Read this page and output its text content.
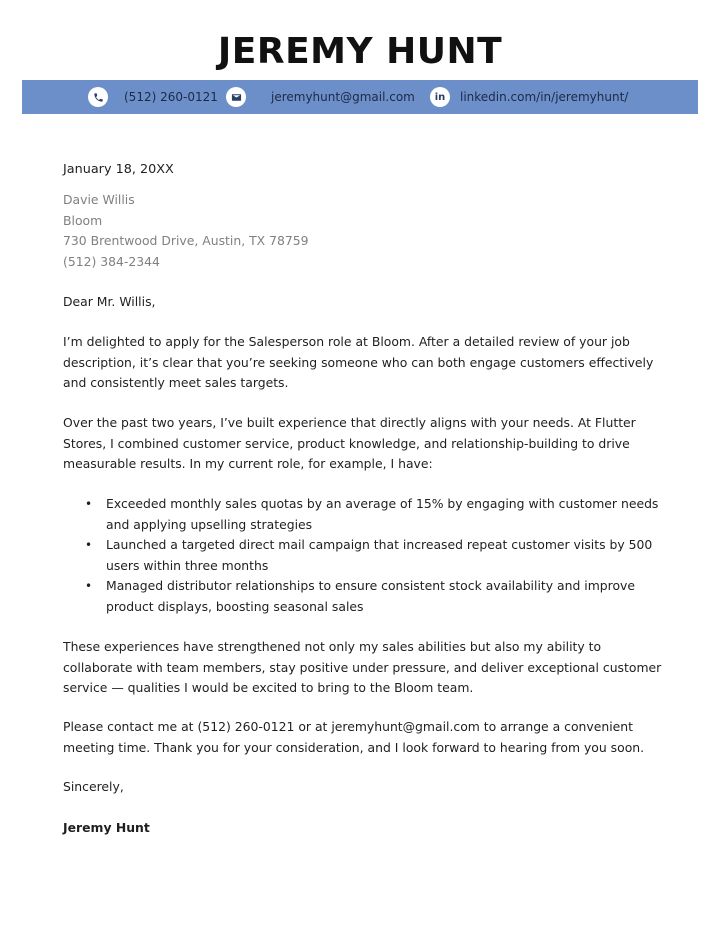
JEREMY HUNT
(512) 260-0121	jeremyhunt@gmail.com	in	linkedin.com/in/jeremyhunt/
January 18, 20XX
Davie Willis
Bloom
730 Brentwood Drive, Austin, TX 78759
(512) 384-2344
Dear Mr. Willis,
I’m delighted to apply for the Salesperson role at Bloom. After a detailed review of your job description, it’s clear that you’re seeking someone who can both engage customers effectively and consistently meet sales targets.
Over the past two years, I’ve built experience that directly aligns with your needs. At Flutter Stores, I combined customer service, product knowledge, and relationship-building to drive measurable results. In my current role, for example, I have:
• Exceeded monthly sales quotas by an average of 15% by engaging with customer needs and applying upselling strategies
• Launched a targeted direct mail campaign that increased repeat customer visits by 500 users within three months
• Managed distributor relationships to ensure consistent stock availability and improve product displays, boosting seasonal sales
These experiences have strengthened not only my sales abilities but also my ability to collaborate with team members, stay positive under pressure, and deliver exceptional customer service — qualities I would be excited to bring to the Bloom team.
Please contact me at (512) 260-0121 or at jeremyhunt@gmail.com to arrange a convenient meeting time. Thank you for your consideration, and I look forward to hearing from you soon.
Sincerely,
Jeremy Hunt
